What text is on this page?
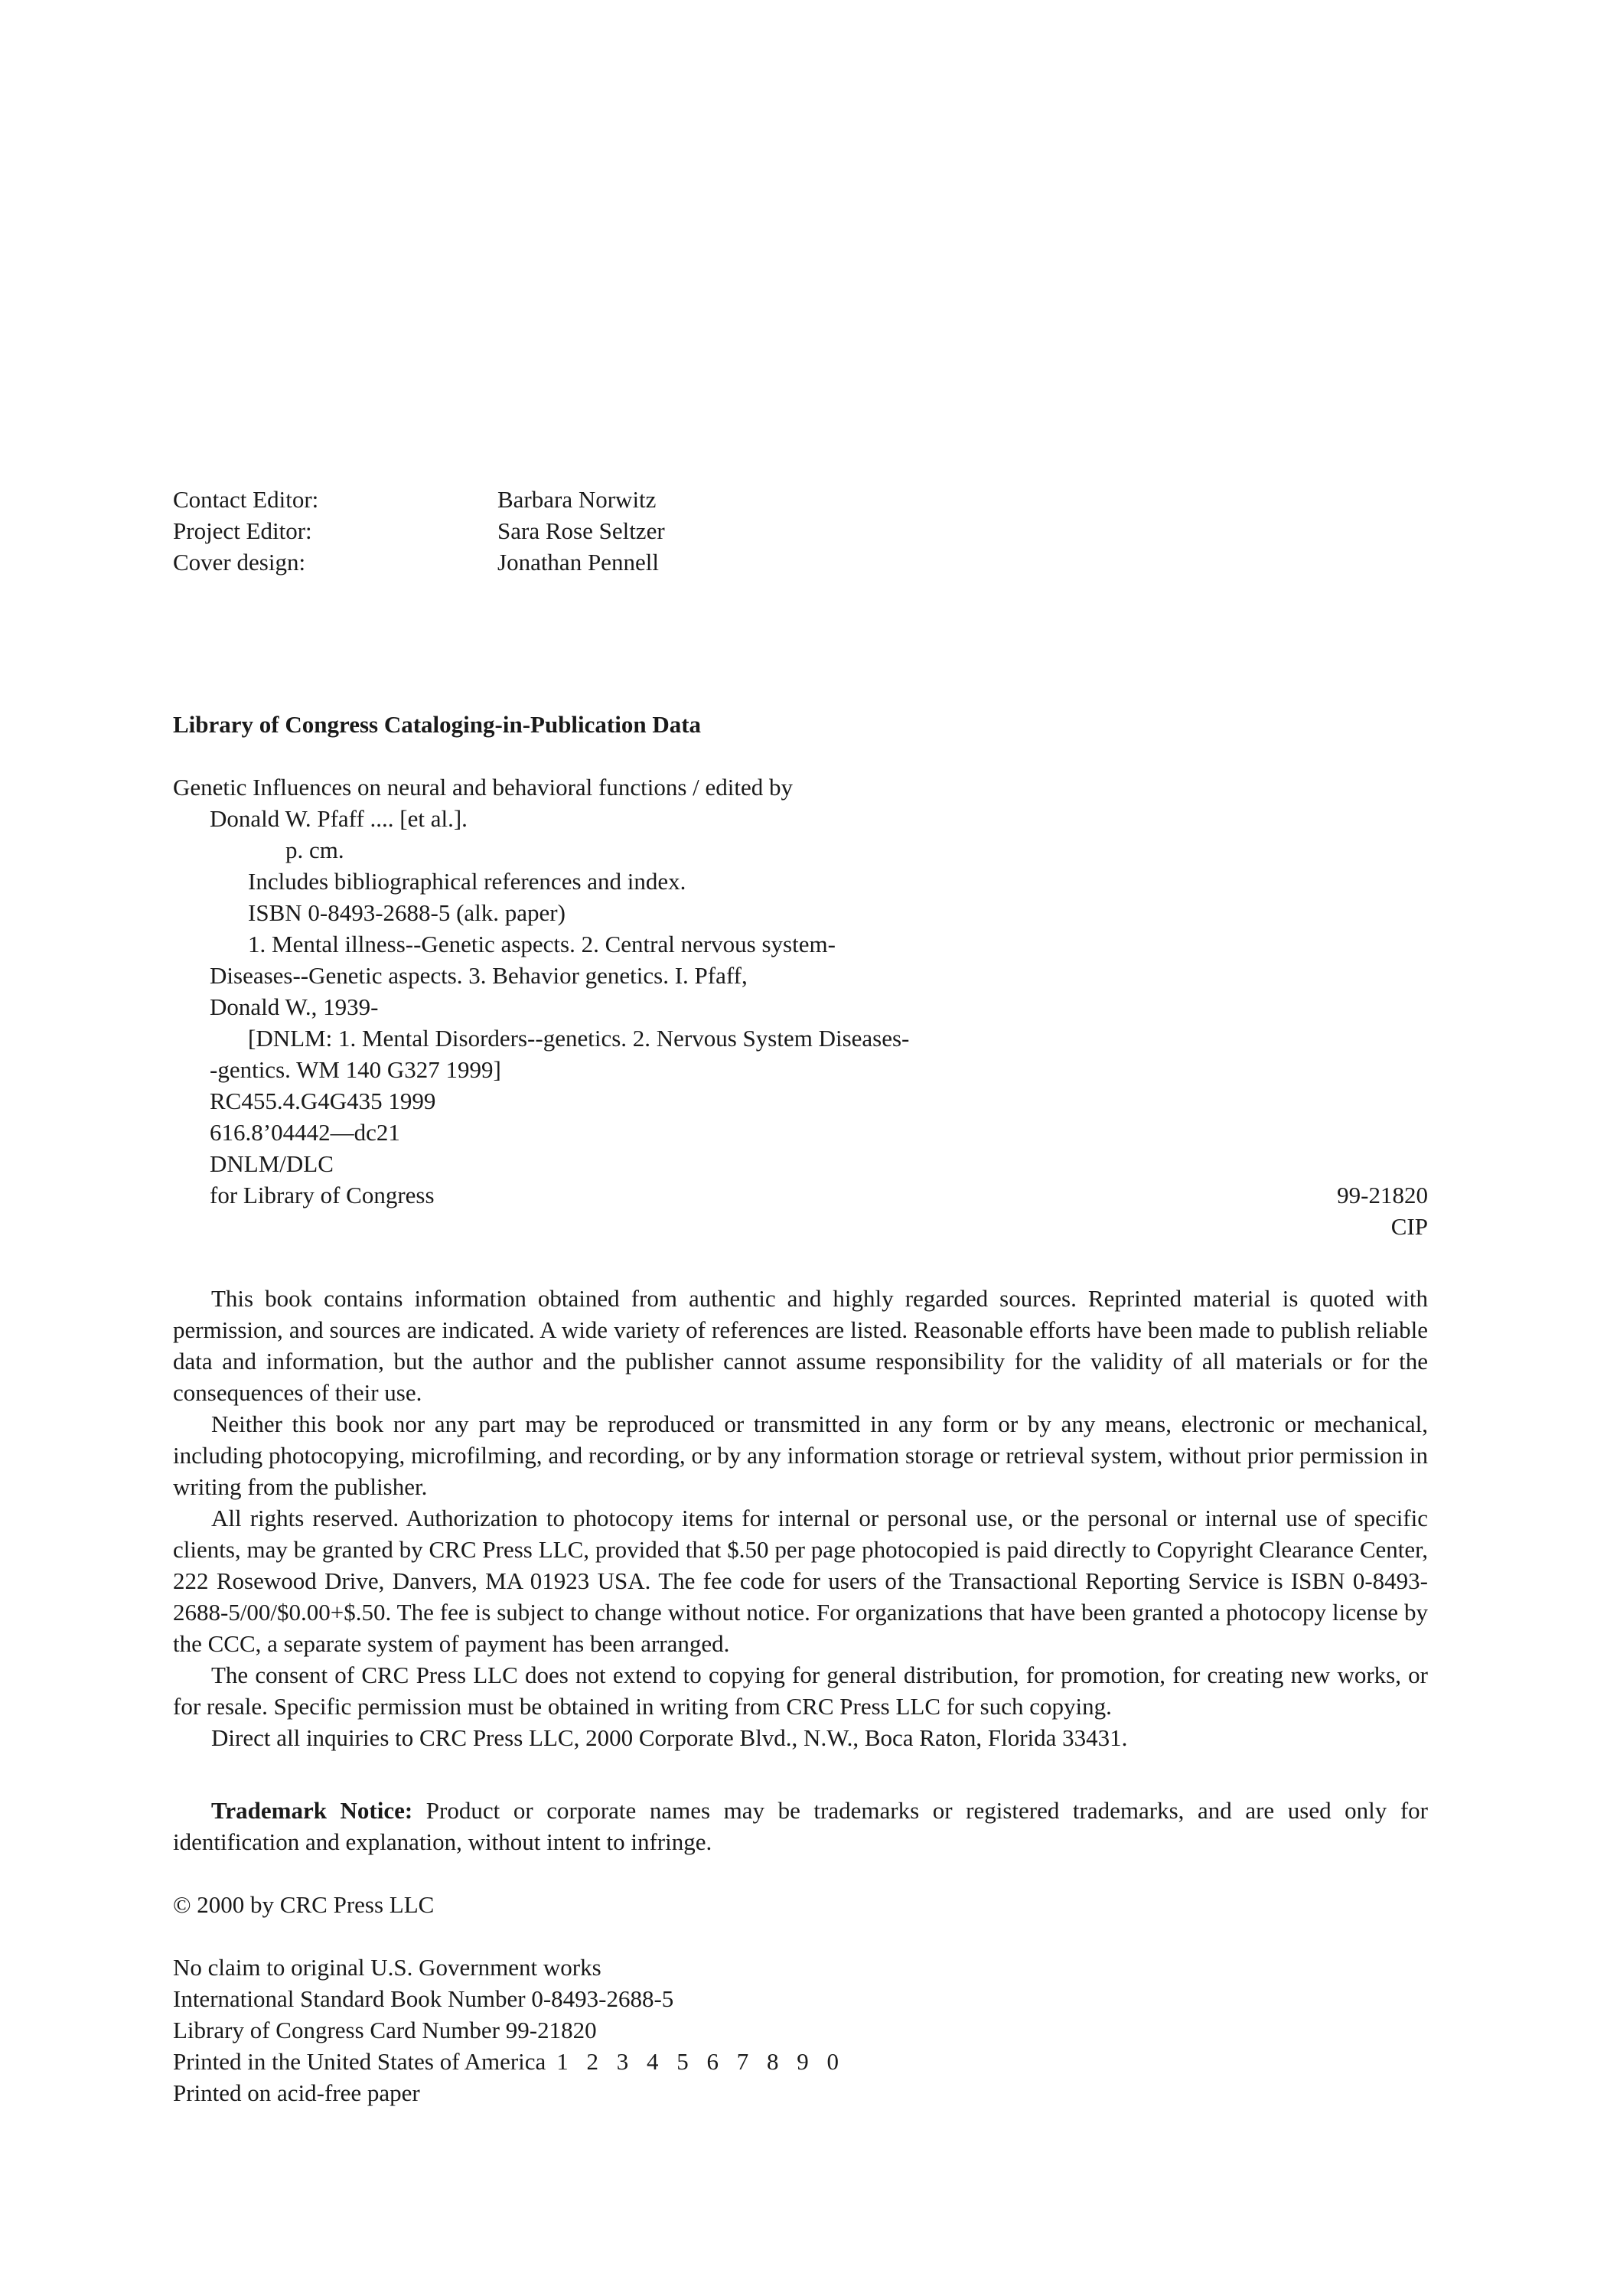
Contact Editor:	Barbara Norwitz
Project Editor:	Sara Rose Seltzer
Cover design:	Jonathan Pennell
Library of Congress Cataloging-in-Publication Data
Genetic Influences on neural and behavioral functions / edited by
Donald W. Pfaff .... [et al.].
p. cm.
Includes bibliographical references and index.
ISBN 0-8493-2688-5 (alk. paper)
1. Mental illness--Genetic aspects. 2. Central nervous system-
Diseases--Genetic aspects. 3. Behavior genetics. I. Pfaff,
Donald W., 1939-
[DNLM: 1. Mental Disorders--genetics. 2. Nervous System Diseases-
-gentics. WM 140 G327 1999]
RC455.4.G4G435 1999
616.8’04442—dc21
DNLM/DLC
for Library of Congress	99-21820
CIP

This book contains information obtained from authentic and highly regarded sources. Reprinted material is quoted with permission, and sources are indicated. A wide variety of references are listed. Reasonable efforts have been made to publish reliable data and information, but the author and the publisher cannot assume responsibility for the validity of all materials or for the consequences of their use.

Neither this book nor any part may be reproduced or transmitted in any form or by any means, electronic or mechanical, including photocopying, microfilming, and recording, or by any information storage or retrieval system, without prior permission in writing from the publisher.

All rights reserved. Authorization to photocopy items for internal or personal use, or the personal or internal use of specific clients, may be granted by CRC Press LLC, provided that $.50 per page photocopied is paid directly to Copyright Clearance Center, 222 Rosewood Drive, Danvers, MA 01923 USA. The fee code for users of the Transactional Reporting Service is ISBN 0-8493-2688-5/00/$0.00+$.50. The fee is subject to change without notice. For organizations that have been granted a photocopy license by the CCC, a separate system of payment has been arranged.

The consent of CRC Press LLC does not extend to copying for general distribution, for promotion, for creating new works, or for resale. Specific permission must be obtained in writing from CRC Press LLC for such copying.

Direct all inquiries to CRC Press LLC, 2000 Corporate Blvd., N.W., Boca Raton, Florida 33431.

Trademark Notice: Product or corporate names may be trademarks or registered trademarks, and are used only for identification and explanation, without intent to infringe.

© 2000 by CRC Press LLC
No claim to original U.S. Government works
International Standard Book Number 0-8493-2688-5
Library of Congress Card Number 99-21820
Printed in the United States of America 1 2 3 4 5 6 7 8 9 0
Printed on acid-free paper
